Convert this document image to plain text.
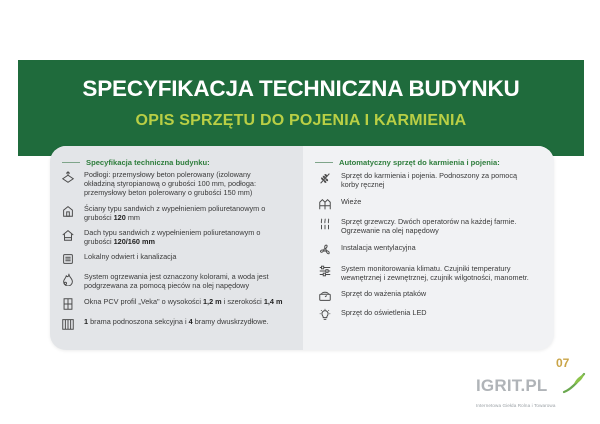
SPECYFIKACJA TECHNICZNA BUDYNKU
OPIS SPRZĘTU DO POJENIA I KARMIENIA
Specyfikacja techniczna budynku:
Podłogi: przemysłowy beton polerowany (izolowany
okładziną styropianową o grubości 100 mm, podłoga:
przemysłowy beton polerowany o grubości 150 mm)
Ściany typu sandwich z wypełnieniem poliuretanowym o
grubości 120 mm
Dach typu sandwich z wypełnieniem poliuretanowym o
grubości 120/160 mm
Lokalny odwiert i kanalizacja
System ogrzewania jest oznaczony kolorami, a woda jest
podgrzewana za pomocą pieców na olej napędowy
Okna PCV profil „Veka" o wysokości 1,2 m i szerokości 1,4 m
1 brama podnoszona sekcyjna i 4 bramy dwuskrzydłowe.
Automatyczny sprzęt do karmienia i pojenia:
Sprzęt do karmienia i pojenia. Podnoszony za pomocą
korby ręcznej
Wieże
Sprzęt grzewczy. Dwóch operatorów na każdej farmie.
Ogrzewanie na olej napędowy
Instalacja wentylacyjna
System monitorowania klimatu. Czujniki temperatury
wewnętrznej i zewnętrznej, czujnik wilgotności, manometr.
Sprzęt do ważenia ptaków
Sprzęt do oświetlenia LED
07
IGRIT.PL
Internetowa Giełda Rolna i Towarowa
